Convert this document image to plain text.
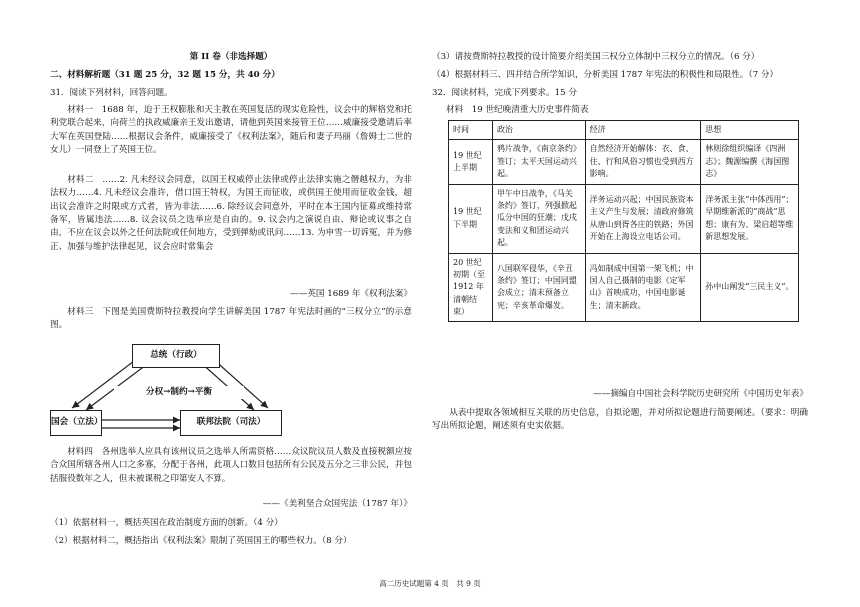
第 II 卷（非选择题）
二、材料解析题（31 题 25 分，32 题 15 分，共 40 分）
31．阅读下列材料，回答问题。

材料一　1688 年，迫于王权膨胀和天主教在英国复活的现实危险性，议会中的辉格党和托利党联合起来，向荷兰的执政威廉亲王发出邀请，请他到英国来接管王位……威廉接受邀请后率大军在英国登陆……根据议会条件，威廉接受了《权利法案》，随后和妻子玛丽（詹姆士二世的女儿）一同登上了英国王位。

材料二　……2. 凡未经议会同意，以国王权威停止法律或停止法律实施之僭越权力，为非法权力……4. 凡未经议会准许，借口国王特权，为国王而征收，或供国王使用而征收金钱，超出议会准许之时限或方式者，皆为非法……6. 除经议会同意外，平时在本王国内征募或维持常备军，皆属违法……8. 议会议员之选举应是自由的。9. 议会内之演说自由、辩论或议事之自由，不应在议会以外之任何法院或任何地方，受到弹劾或讯问……13. 为申雪一切诉冤，并为修正、加强与维护法律起见，议会应时常集会

——英国 1689 年《权利法案》

材料三　下图是美国费斯特拉教授向学生讲解美国 1787 年宪法时画的“三权分立”的示意图。

总统（行政）
国会（立法）	联邦法院（司法）
分权→制约→平衡

材料四　各州选举人应具有该州议员之选举人所需资格……众议院议员人数及直接税额应按合众国所辖各州人口之多寡，分配于各州，此项人口数目包括所有公民及五分之三非公民，并包括服役数年之人，但未被课税之印第安人不算。

——《美利坚合众国宪法（1787 年）》
（1）依据材料一，概括英国在政治制度方面的创新。（4 分）
（2）根据材料二，概括指出《权利法案》限制了英国国王的哪些权力。（8 分）
（3）请按费斯特拉教授的设计简要介绍美国三权分立体制中三权分立的情况。（6 分）
（4）根据材料三、四并结合所学知识，分析美国 1787 年宪法的积极性和局限性。（7 分）
32．阅读材料，完成下列要求。15 分
材料　19 世纪晚清重大历史事件简表
时间	政治	经济	思想
19 世纪上半期	鸦片战争，《南京条约》签订；太平天国运动兴起。	自然经济开始解体：衣、食、住、行和风俗习惯也受到西方影响。	林则徐组织编译《四洲志》；魏源编撰《海国图志》
19 世纪下半期	甲午中日战争，《马关条约》签订，列强掀起瓜分中国的狂潮；戊戌变法和义和团运动兴起。	洋务运动兴起；中国民族资本主义产生与发展；清政府修筑从唐山到胥各庄的铁路；外国开始在上海设立电话公司。	洋务派主张“中体西用”；早期维新派的“商战”思想；康有为、梁启超等维新思想发展。
20 世纪初期（至 1912 年清朝结束）	八国联军侵华，《辛丑条约》签订；中国同盟会成立；清末预备立宪；辛亥革命爆发。	冯如制成中国第一架飞机；中国人自己摄制的电影《定军山》首映成功，中国电影诞生；清末新政。	孙中山阐发“三民主义”。
——摘编自中国社会科学院历史研究所《中国历史年表》

从表中提取各领域相互关联的历史信息，自拟论题，并对所拟论题进行简要阐述。（要求：明确写出所拟论题，阐述须有史实依据。

高二历史试题第 4 页　共 9 页
